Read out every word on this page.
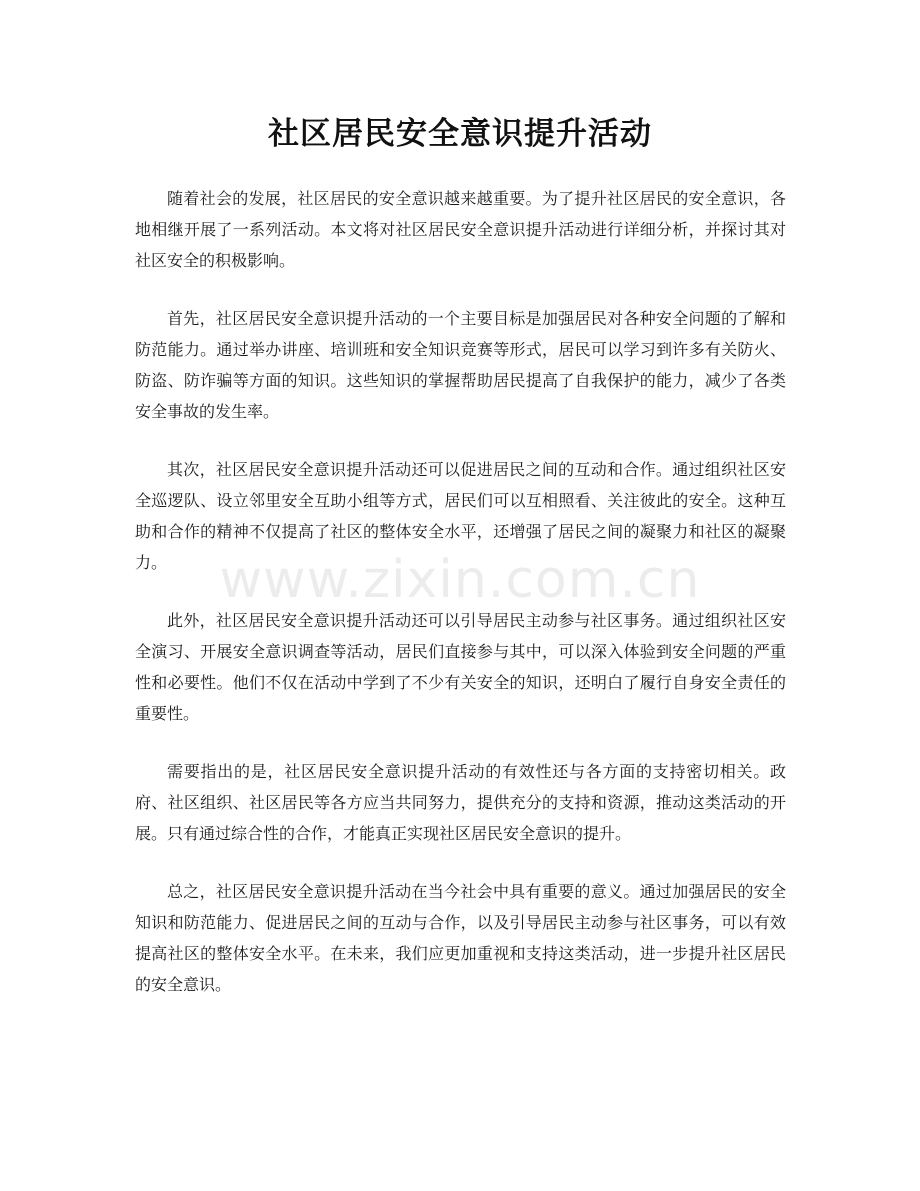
社区居民安全意识提升活动

随着社会的发展，社区居民的安全意识越来越重要。为了提升社区居民的安全意识，各地相继开展了一系列活动。本文将对社区居民安全意识提升活动进行详细分析，并探讨其对社区安全的积极影响。

首先，社区居民安全意识提升活动的一个主要目标是加强居民对各种安全问题的了解和防范能力。通过举办讲座、培训班和安全知识竞赛等形式，居民可以学习到许多有关防火、防盗、防诈骗等方面的知识。这些知识的掌握帮助居民提高了自我保护的能力，减少了各类安全事故的发生率。

其次，社区居民安全意识提升活动还可以促进居民之间的互动和合作。通过组织社区安全巡逻队、设立邻里安全互助小组等方式，居民们可以互相照看、关注彼此的安全。这种互助和合作的精神不仅提高了社区的整体安全水平，还增强了居民之间的凝聚力和社区的凝聚力。

此外，社区居民安全意识提升活动还可以引导居民主动参与社区事务。通过组织社区安全演习、开展安全意识调查等活动，居民们直接参与其中，可以深入体验到安全问题的严重性和必要性。他们不仅在活动中学到了不少有关安全的知识，还明白了履行自身安全责任的重要性。

需要指出的是，社区居民安全意识提升活动的有效性还与各方面的支持密切相关。政府、社区组织、社区居民等各方应当共同努力，提供充分的支持和资源，推动这类活动的开展。只有通过综合性的合作，才能真正实现社区居民安全意识的提升。

总之，社区居民安全意识提升活动在当今社会中具有重要的意义。通过加强居民的安全知识和防范能力、促进居民之间的互动与合作，以及引导居民主动参与社区事务，可以有效提高社区的整体安全水平。在未来，我们应更加重视和支持这类活动，进一步提升社区居民的安全意识。

www.zixin.com.cn
